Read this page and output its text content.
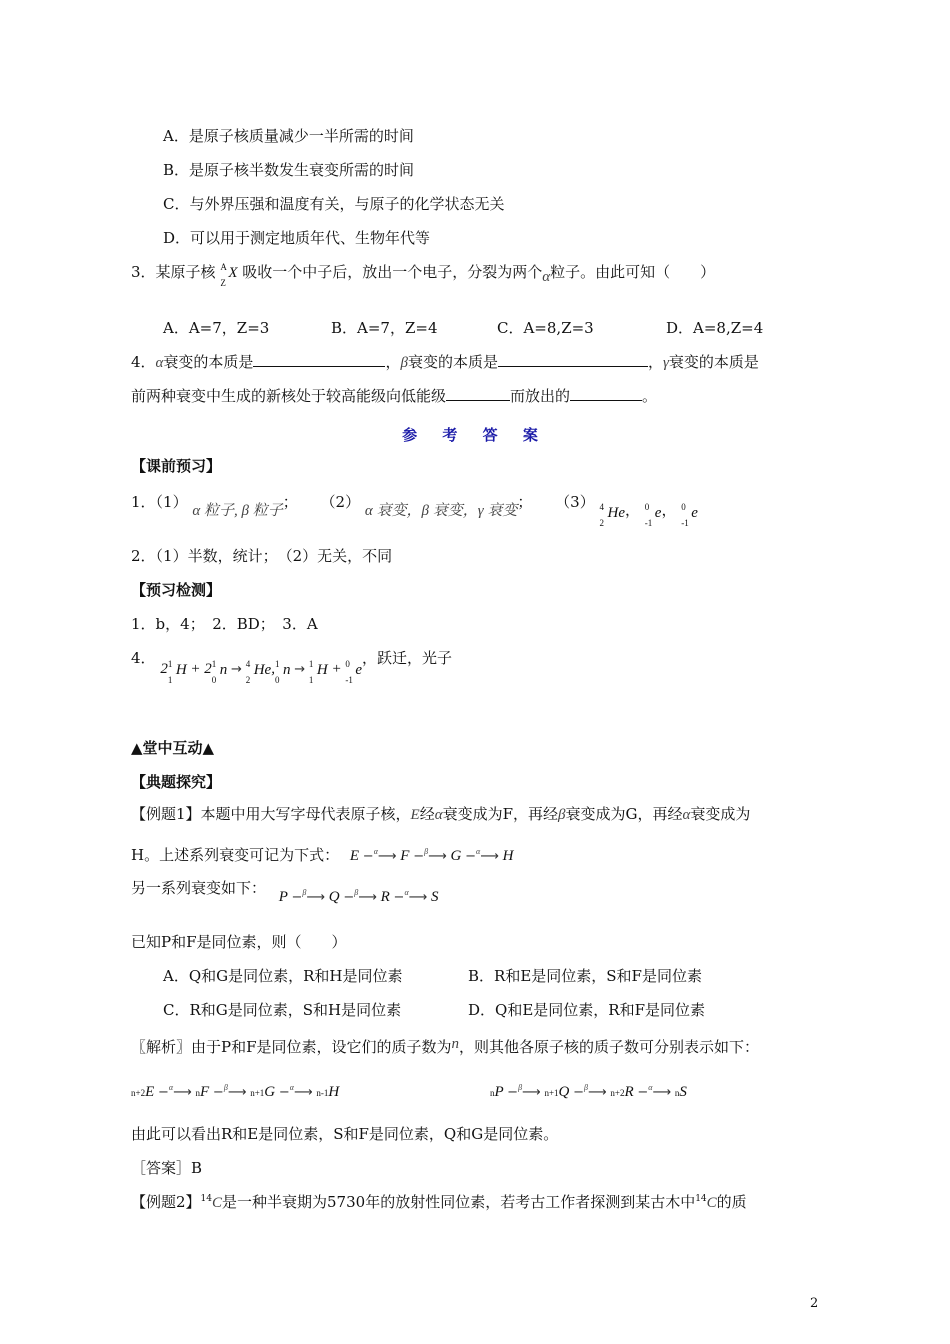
A．是原子核质量减少一半所需的时间
B．是原子核半数发生衰变所需的时间
C．与外界压强和温度有关，与原子的化学状态无关
D．可以用于测定地质年代、生物年代等
3．某原子核 A
Z
X 吸收一个中子后，放出一个电子，分裂为两个α粒子。由此可知（　　）
A．A=7，Z=3	B．A=7，Z=4	C．A=8,Z=3	D．A=8,Z=4
4．α衰变的本质是	，β衰变的本质是	，γ衰变的本质是
前两种衰变中生成的新核处于较高能级向低能级	而放出的	。
参 考 答 案
【课前预习】
1．（1） α 粒子, β 粒子； （2） α 衰变，β 衰变，γ 衰变； （3） 4
2
He， 0
-1
e， 0
-1
e
2．（1）半数，统计；　（2）无关，不同
【预习检测】
1．b，4；　2．BD；　3．A
4． 2 1
1
H + 2 1
0
n → 4
2
He, 1
0
n → 1
1
H + 0
-1
e，跃迁，光子
▲堂中互动▲
【典题探究】
【例题1】本题中用大写字母代表原子核，E经α衰变成为F，再经β衰变成为G，再经α衰变成为
H。上述系列衰变可记为下式： E −$^\alpha$⟶ F −$^\beta$⟶ G −$^\alpha$⟶ H
另一系列衰变如下： P −$^\beta$⟶ Q −$^\beta$⟶ R −$^\alpha$⟶ S
已知P和F是同位素，则（　　）
A．Q和G是同位素，R和H是同位素	B．R和E是同位素，S和F是同位素
C．R和G是同位素，S和H是同位素	D．Q和E是同位素，R和F是同位素
〖解析〗由于P和F是同位素，设它们的质子数为n，则其他各原子核的质子数可分别表示如下：
n+2E −$^\alpha$⟶ nF −$^\beta$⟶ n+1G −$^\alpha$⟶ n-1H	nP −$^\beta$⟶ n+1Q −$^\beta$⟶ n+2R −$^\alpha$⟶ nS
由此可以看出R和E是同位素，S和F是同位素，Q和G是同位素。
［答案］B
【例题2】$^{14}$C是一种半衰期为5730年的放射性同位素，若考古工作者探测到某古木中$^{14}$C的质
2
